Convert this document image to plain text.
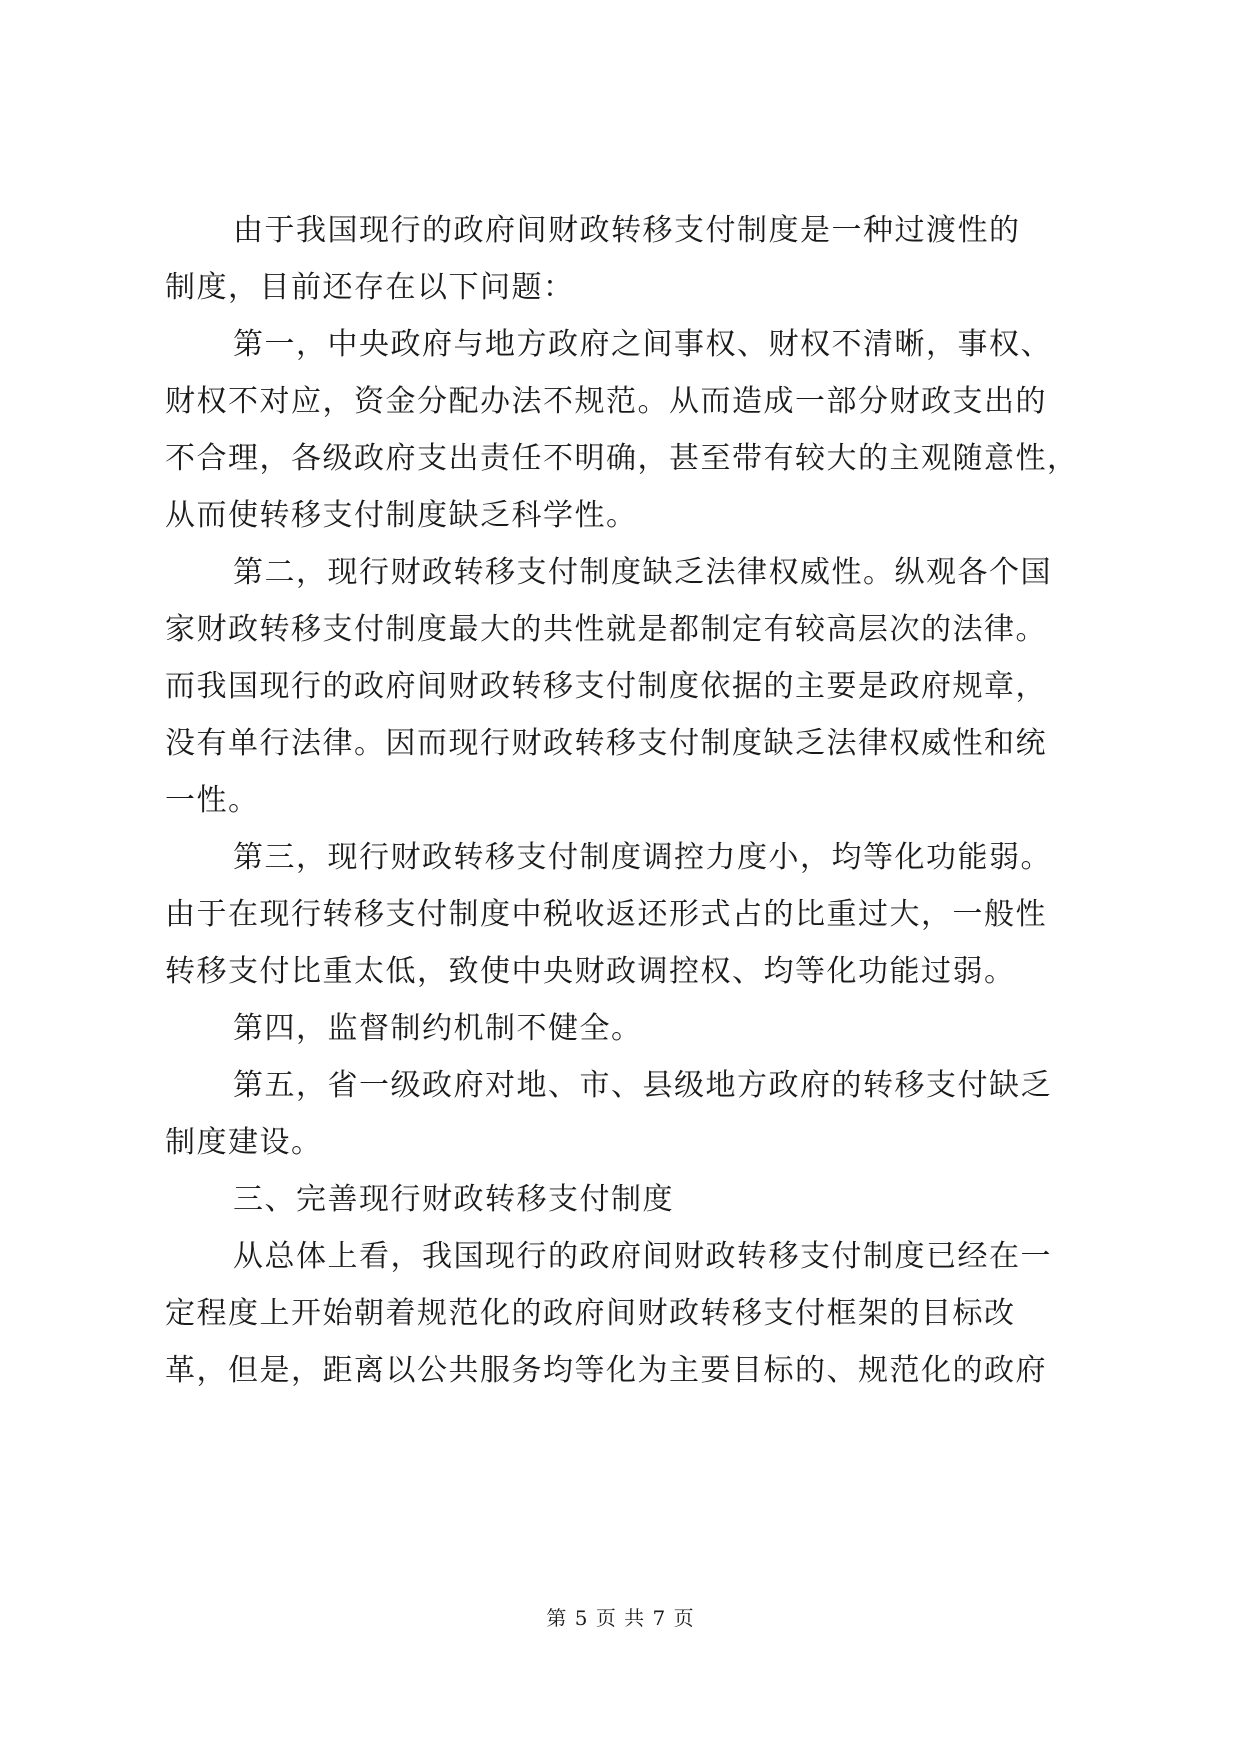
由于我国现行的政府间财政转移支付制度是一种过渡性的
制度，目前还存在以下问题：
第一，中央政府与地方政府之间事权、财权不清晰，事权、
财权不对应，资金分配办法不规范。从而造成一部分财政支出的
不合理，各级政府支出责任不明确，甚至带有较大的主观随意性，
从而使转移支付制度缺乏科学性。
第二，现行财政转移支付制度缺乏法律权威性。纵观各个国
家财政转移支付制度最大的共性就是都制定有较高层次的法律。
而我国现行的政府间财政转移支付制度依据的主要是政府规章，
没有单行法律。因而现行财政转移支付制度缺乏法律权威性和统
一性。
第三，现行财政转移支付制度调控力度小，均等化功能弱。
由于在现行转移支付制度中税收返还形式占的比重过大，一般性
转移支付比重太低，致使中央财政调控权、均等化功能过弱。
第四，监督制约机制不健全。
第五，省一级政府对地、市、县级地方政府的转移支付缺乏
制度建设。
三、完善现行财政转移支付制度
从总体上看，我国现行的政府间财政转移支付制度已经在一
定程度上开始朝着规范化的政府间财政转移支付框架的目标改
革，但是，距离以公共服务均等化为主要目标的、规范化的政府
第 5 页 共 7 页
